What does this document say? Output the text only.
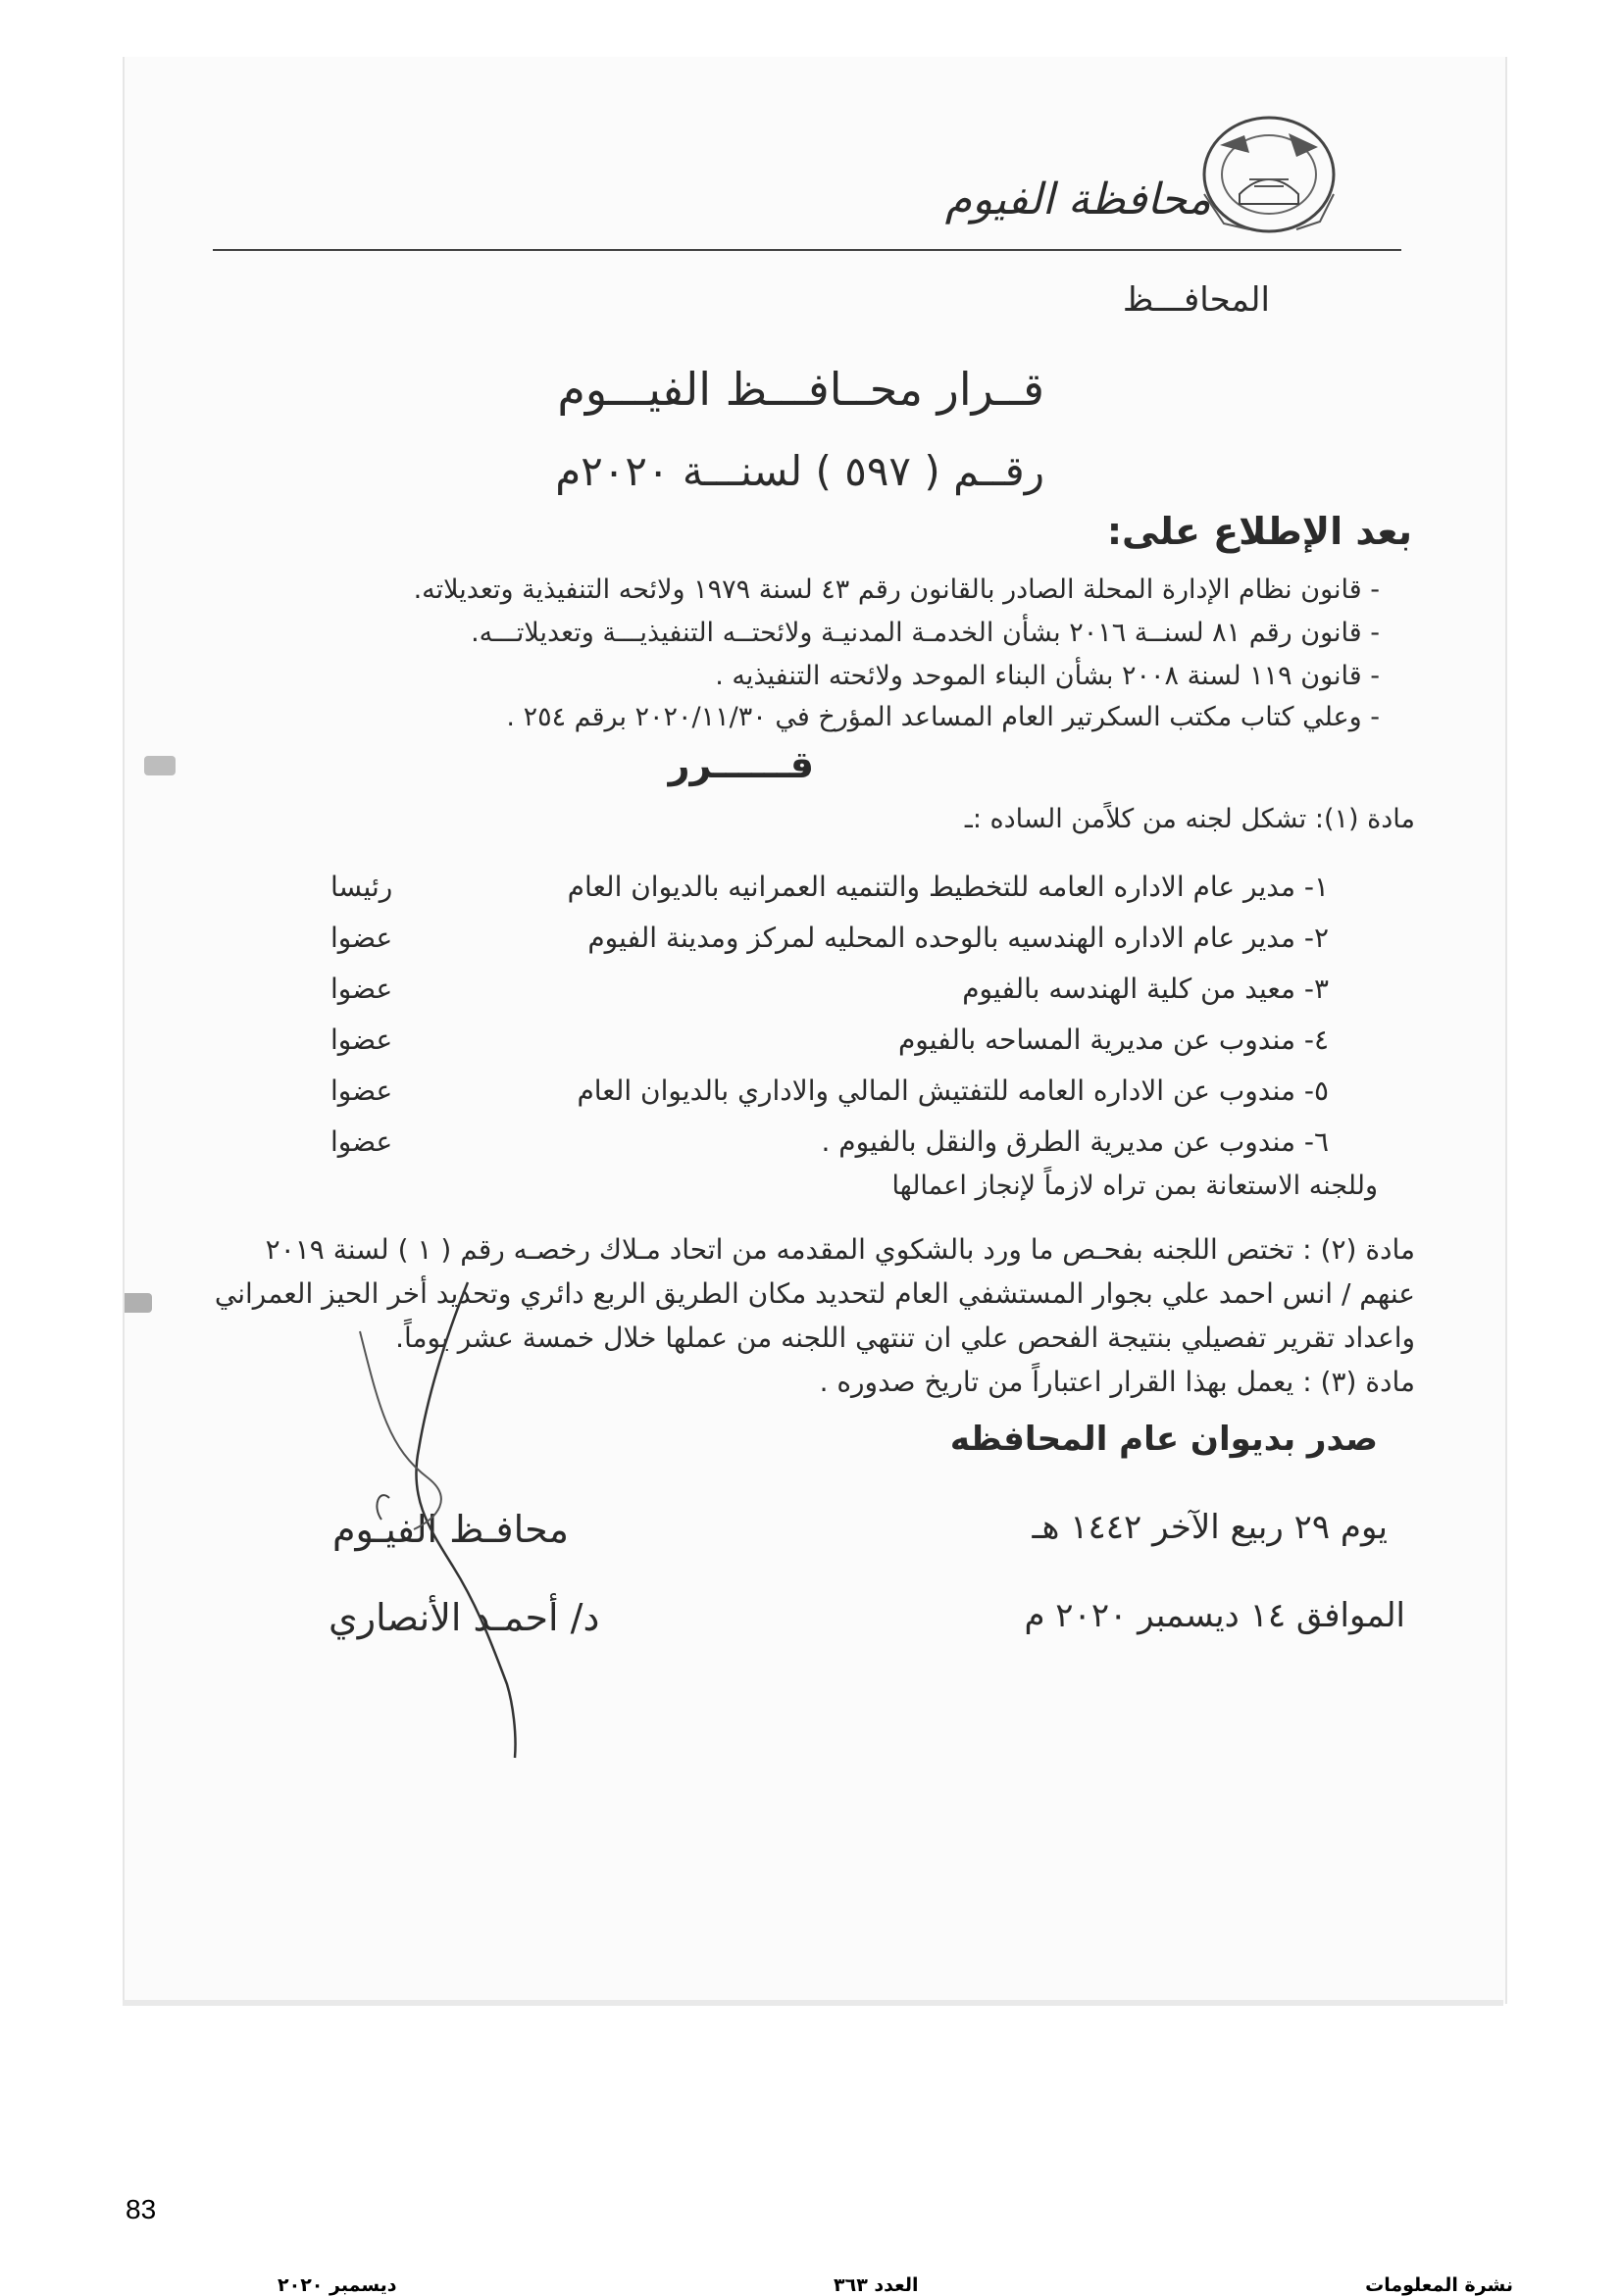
محافظة الفيوم
المحافـــظ
قــرار محــافـــظ الفيـــوم
رقــم ( ٥٩٧ ) لسنـــة ٢٠٢٠م
بعد الإطلاع على:
- قانون نظام الإدارة المحلة الصادر بالقانون رقم ٤٣ لسنة ١٩٧٩ ولائحه التنفيذية وتعديلاته.
- قانون رقم ٨١ لسنــة ٢٠١٦ بشأن الخدمـة المدنيـة ولائحتــه التنفيذيـــة وتعديلاتـــه.
- قانون ١١٩ لسنة ٢٠٠٨ بشأن البناء الموحد ولائحته التنفيذيه .
- وعلي كتاب مكتب السكرتير العام المساعد المؤرخ في ٢٠٢٠/١١/٣٠ برقم ٢٥٤ .
قــــــرر
مادة (١): تشكل لجنه من كلاًمن الساده :ـ
١- مدير عام الاداره العامه للتخطيط والتنميه العمرانيه بالديوان العام
رئيسا
٢- مدير عام الاداره الهندسيه بالوحده المحليه لمركز ومدينة الفيوم
عضوا
٣- معيد من كلية الهندسه بالفيوم
عضوا
٤- مندوب عن مديرية المساحه بالفيوم
عضوا
٥- مندوب عن الاداره العامه للتفتيش المالي والاداري بالديوان العام
عضوا
٦- مندوب عن مديرية الطرق والنقل بالفيوم .
عضوا
وللجنه الاستعانة بمن تراه لازماً لإنجاز اعمالها
مادة (٢) : تختص اللجنه بفحـص ما ورد بالشكوي المقدمه من اتحاد مـلاك رخصـه رقم ( ١ ) لسنة ٢٠١٩
عنهم / انس احمد علي بجوار المستشفي العام لتحديد مكان الطريق الربع دائري وتحديد أخر الحيز العمراني
واعداد تقرير تفصيلي بنتيجة الفحص علي ان تنتهي اللجنه من عملها خلال خمسة عشر يوماً.
مادة (٣) : يعمل بهذا القرار اعتباراً من تاريخ صدوره .
صدر بديوان عام المحافظه
يوم ٢٩ ربيع الآخر ١٤٤٢ هـ
الموافق ١٤ ديسمبر ٢٠٢٠ م
محافـظ الفيـوم
د/ أحمـد الأنصاري
83
نشرة المعلومات
العدد ٣٦٣
ديسمبر ٢٠٢٠
